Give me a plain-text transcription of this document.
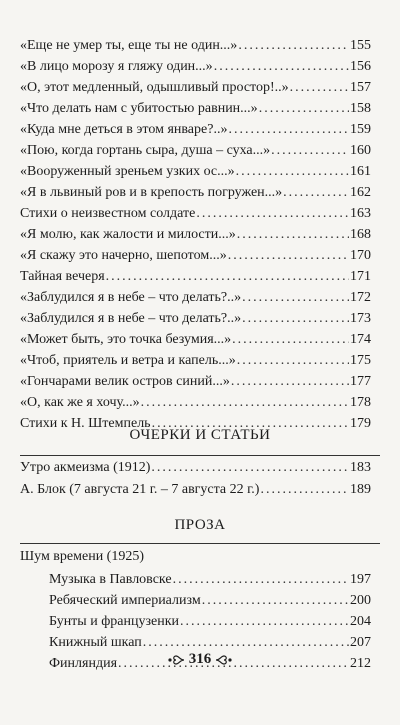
«Еще не умер ты, еще ты не один...» .....	155
«В лицо морозу я гляжу один...» .....	156
«О, этот медленный, одышливый простор!..» .....	157
«Что делать нам с убитостью равнин...» .....	158
«Куда мне деться в этом январе?..» .....	159
«Пою, когда гортань сыра, душа – суха...» .....	160
«Вооруженный зреньем узких ос...» .....	161
«Я в львиный ров и в крепость погружен...» .....	162
Стихи о неизвестном солдате .....	163
«Я молю, как жалости и милости...» .....	168
«Я скажу это начерно, шепотом...» .....	170
Тайная вечеря .....	171
«Заблудился я в небе – что делать?..» .....	172
«Заблудился я в небе – что делать?..» .....	173
«Может быть, это точка безумия...» .....	174
«Чтоб, приятель и ветра и капель...» .....	175
«Гончарами велик остров синий...» .....	177
«О, как же я хочу...» .....	178
Стихи к Н. Штемпель .....	179
ОЧЕРКИ И СТАТЬИ
Утро акмеизма (1912) .....	183
А. Блок (7 августа 21 г. – 7 августа 22 г.) .....	189
ПРОЗА
Шум времени (1925)
Музыка в Павловске .....	197
Ребяческий империализм .....	200
Бунты и французенки .....	204
Книжный шкап .....	207
Финляндия .....	212
316
